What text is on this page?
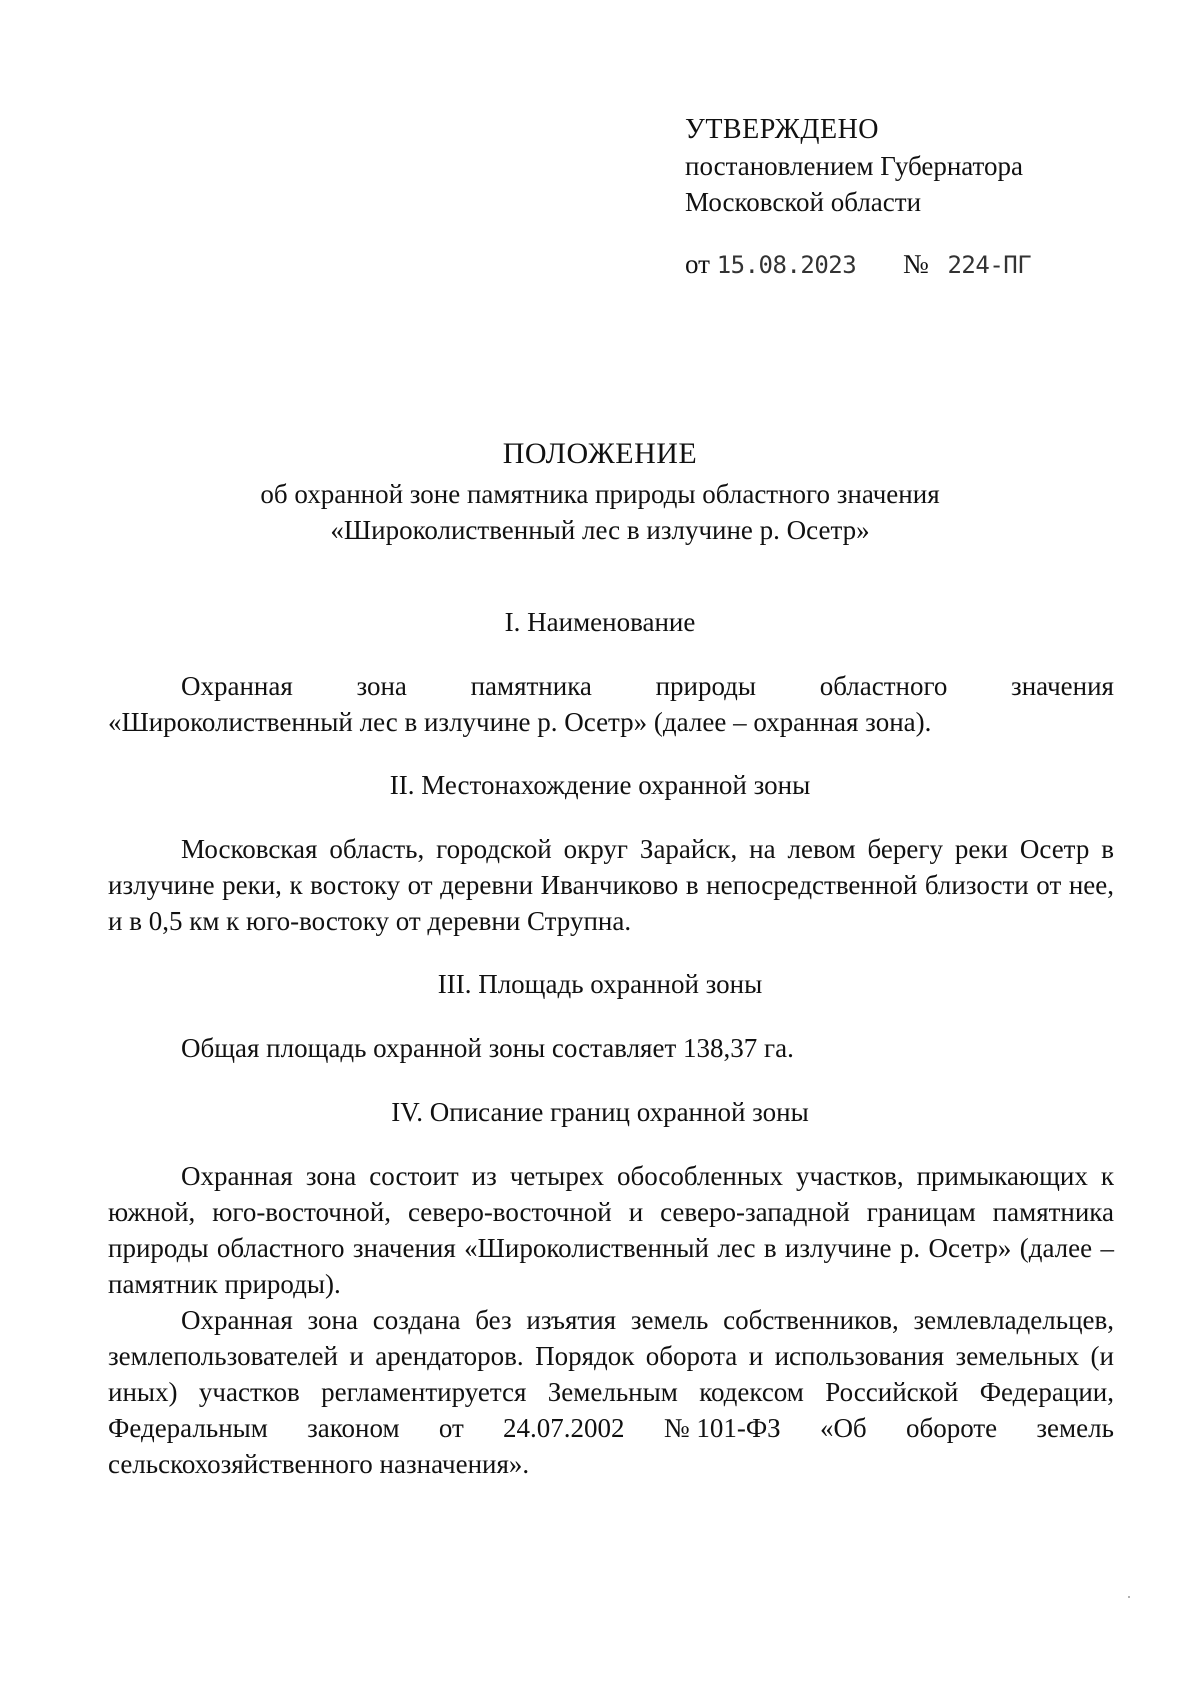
УТВЕРЖДЕНО
постановлением Губернатора
Московской области
от 15.08.2023 № 224-ПГ
ПОЛОЖЕНИЕ
об охранной зоне памятника природы областного значения
«Широколиственный лес в излучине р. Осетр»
I. Наименование
Охранная зона памятника природы областного значения
«Широколиственный лес в излучине р. Осетр» (далее – охранная зона).
II. Местонахождение охранной зоны
Московская область, городской округ Зарайск, на левом берегу реки Осетр в излучине реки, к востоку от деревни Иванчиково в непосредственной близости от нее, и в 0,5 км к юго-востоку от деревни Струпна.
III. Площадь охранной зоны
Общая площадь охранной зоны составляет 138,37 га.
IV. Описание границ охранной зоны
Охранная зона состоит из четырех обособленных участков, примыкающих к южной, юго-восточной, северо-восточной и северо-западной границам памятника природы областного значения «Широколиственный лес в излучине р. Осетр» (далее – памятник природы).
Охранная зона создана без изъятия земель собственников, землевладельцев, землепользователей и арендаторов. Порядок оборота и использования земельных (и иных) участков регламентируется Земельным кодексом Российской Федерации,
Федеральным законом от 24.07.2002 № 101-ФЗ «Об обороте земель
сельскохозяйственного назначения».
